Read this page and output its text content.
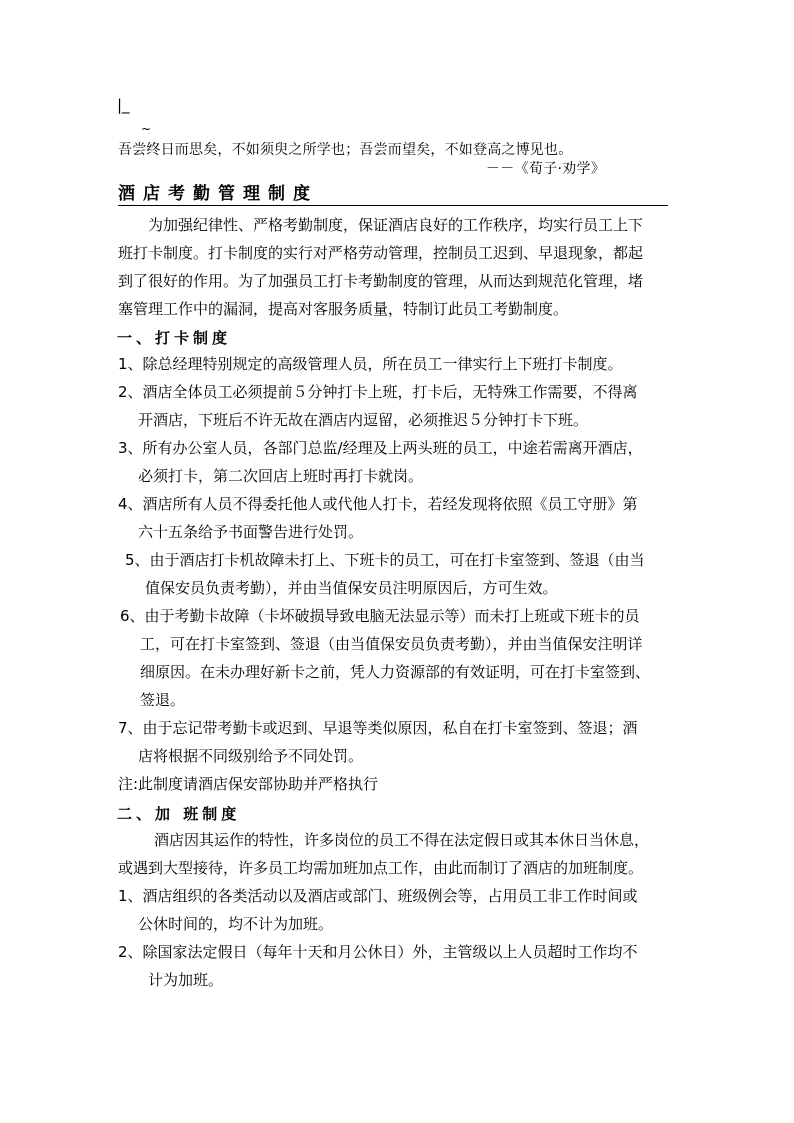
|_
~
吾尝终日而思矣，不如须臾之所学也；吾尝而望矣，不如登高之博见也。
－－《荀子·劝学》
酒店考勤管理制度
为加强纪律性、严格考勤制度，保证酒店良好的工作秩序，均实行员工上下
班打卡制度。打卡制度的实行对严格劳动管理，控制员工迟到、早退现象，都起
到了很好的作用。为了加强员工打卡考勤制度的管理，从而达到规范化管理，堵
塞管理工作中的漏洞，提高对客服务质量，特制订此员工考勤制度。
一、打卡制度
1、除总经理特别规定的高级管理人员，所在员工一律实行上下班打卡制度。
2、酒店全体员工必须提前５分钟打卡上班，打卡后，无特殊工作需要，不得离
开酒店，下班后不许无故在酒店内逗留，必须推迟５分钟打卡下班。
3、所有办公室人员，各部门总监/经理及上两头班的员工，中途若需离开酒店，
必须打卡，第二次回店上班时再打卡就岗。
4、酒店所有人员不得委托他人或代他人打卡，若经发现将依照《员工守册》第
六十五条给予书面警告进行处罚。
5、由于酒店打卡机故障未打上、下班卡的员工，可在打卡室签到、签退（由当
值保安员负责考勤），并由当值保安员注明原因后，方可生效。
6、由于考勤卡故障（卡坏破损导致电脑无法显示等）而未打上班或下班卡的员
工，可在打卡室签到、签退（由当值保安员负责考勤），并由当值保安注明详
细原因。在未办理好新卡之前，凭人力资源部的有效证明，可在打卡室签到、
签退。
7、由于忘记带考勤卡或迟到、早退等类似原因，私自在打卡室签到、签退；酒
店将根据不同级别给予不同处罚。
注:此制度请酒店保安部协助并严格执行
二、加 班制度
酒店因其运作的特性，许多岗位的员工不得在法定假日或其本休日当休息，
或遇到大型接待，许多员工均需加班加点工作，由此而制订了酒店的加班制度。
1、酒店组织的各类活动以及酒店或部门、班级例会等，占用员工非工作时间或
公休时间的，均不计为加班。
2、除国家法定假日（每年十天和月公休日）外，主管级以上人员超时工作均不
计为加班。
